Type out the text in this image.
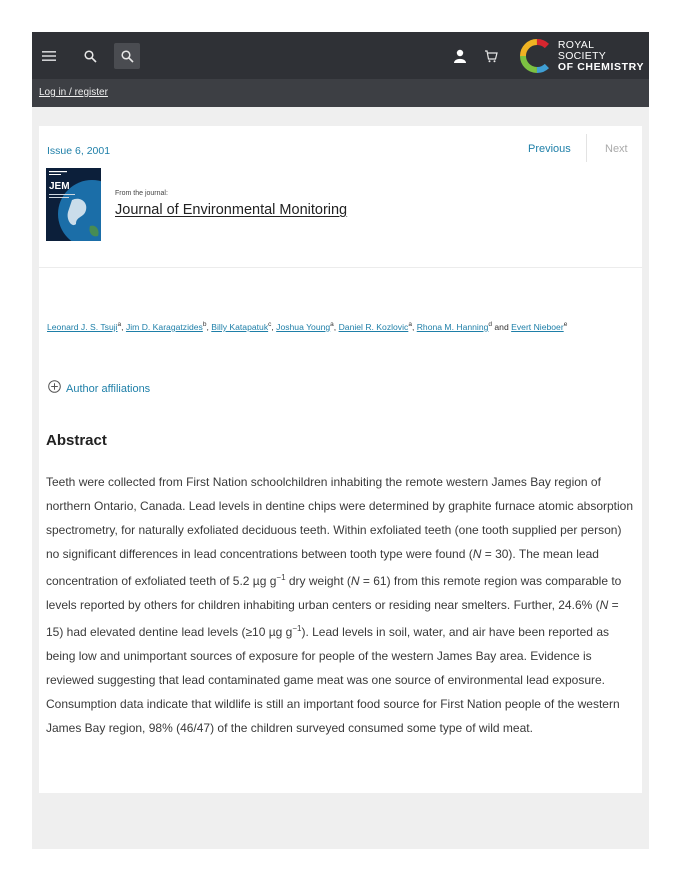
ROYAL SOCIETY
OF CHEMISTRY
Log in / register
Issue 6, 2001	Previous	Next
JEM
From the journal:
Journal of Environmental Monitoring
Leonard J. S. Tsuji$^a$, Jim D. Karagatzides$^b$, Billy Katapatuk$^c$, Joshua Young$^a$, Daniel R. Kozlovic$^a$, Rhona M. Hanning$^d$ and Evert Nieboer$^e$
Author affiliations
Abstract
Teeth were collected from First Nation schoolchildren inhabiting the remote western James Bay region of northern Ontario, Canada. Lead levels in dentine chips were determined by graphite furnace atomic absorption spectrometry, for naturally exfoliated deciduous teeth. Within exfoliated teeth (one tooth supplied per person) no significant differences in lead concentrations between tooth type were found (N = 30). The mean lead concentration of exfoliated teeth of 5.2 µg $g^{-1}$ dry weight (N = 61) from this remote region was comparable to levels reported by others for children inhabiting urban centers or residing near smelters. Further, 24.6% (N = 15) had elevated dentine lead levels (≥10 µg $g^{-1}$). Lead levels in soil, water, and air have been reported as being low and unimportant sources of exposure for people of the western James Bay area. Evidence is reviewed suggesting that lead contaminated game meat was one source of environmental lead exposure. Consumption data indicate that wildlife is still an important food source for First Nation people of the western James Bay region, 98% (46/47) of the children surveyed consumed some type of wild meat.
